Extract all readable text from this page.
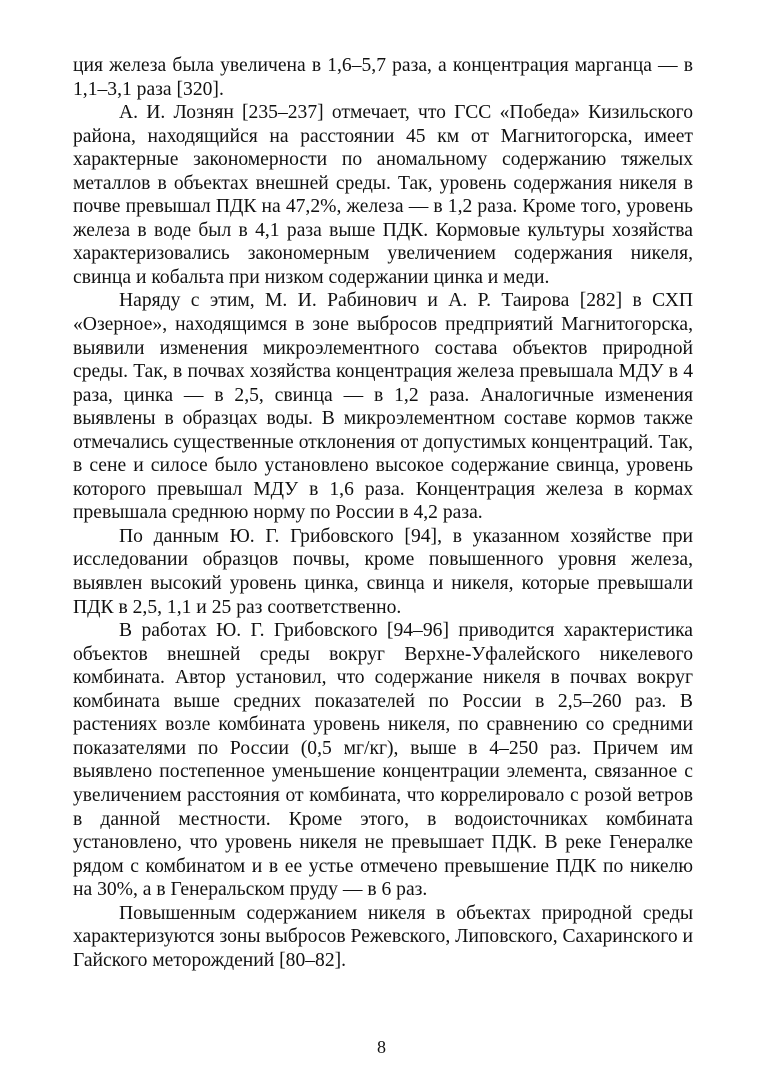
ция железа была увеличена в 1,6–5,7 раза, а концентрация марганца — в 1,1–3,1 раза [320].

А. И. Лознян [235–237] отмечает, что ГСС «Победа» Кизильского района, находящийся на расстоянии 45 км от Магнитогорска, имеет характерные закономерности по аномальному содержанию тяжелых металлов в объектах внешней среды. Так, уровень содержания никеля в почве превышал ПДК на 47,2%, железа — в 1,2 раза. Кроме того, уровень железа в воде был в 4,1 раза выше ПДК. Кормовые культуры хозяйства характеризовались закономерным увеличением содержания никеля, свинца и кобальта при низком содержании цинка и меди.

Наряду с этим, М. И. Рабинович и А. Р. Таирова [282] в СХП «Озерное», находящимся в зоне выбросов предприятий Магнитогорска, выявили изменения микроэлементного состава объектов природной среды. Так, в почвах хозяйства концентрация железа превышала МДУ в 4 раза, цинка — в 2,5, свинца — в 1,2 раза. Аналогичные изменения выявлены в образцах воды. В микроэлементном составе кормов также отмечались существенные отклонения от допустимых концентраций. Так, в сене и силосе было установлено высокое содержание свинца, уровень которого превышал МДУ в 1,6 раза. Концентрация железа в кормах превышала среднюю норму по России в 4,2 раза.

По данным Ю. Г. Грибовского [94], в указанном хозяйстве при исследовании образцов почвы, кроме повышенного уровня железа, выявлен высокий уровень цинка, свинца и никеля, которые превышали ПДК в 2,5, 1,1 и 25 раз соответственно.

В работах Ю. Г. Грибовского [94–96] приводится характеристика объектов внешней среды вокруг Верхне-Уфалейского никелевого комбината. Автор установил, что содержание никеля в почвах вокруг комбината выше средних показателей по России в 2,5–260 раз. В растениях возле комбината уровень никеля, по сравнению со средними показателями по России (0,5 мг/кг), выше в 4–250 раз. Причем им выявлено постепенное уменьшение концентрации элемента, связанное с увеличением расстояния от комбината, что коррелировало с розой ветров в данной местности. Кроме этого, в водоисточниках комбината установлено, что уровень никеля не превышает ПДК. В реке Генералке рядом с комбинатом и в ее устье отмечено превышение ПДК по никелю на 30%, а в Генеральском пруду — в 6 раз.

Повышенным содержанием никеля в объектах природной среды характеризуются зоны выбросов Режевского, Липовского, Сахаринского и Гайского меторождений [80–82].

8
